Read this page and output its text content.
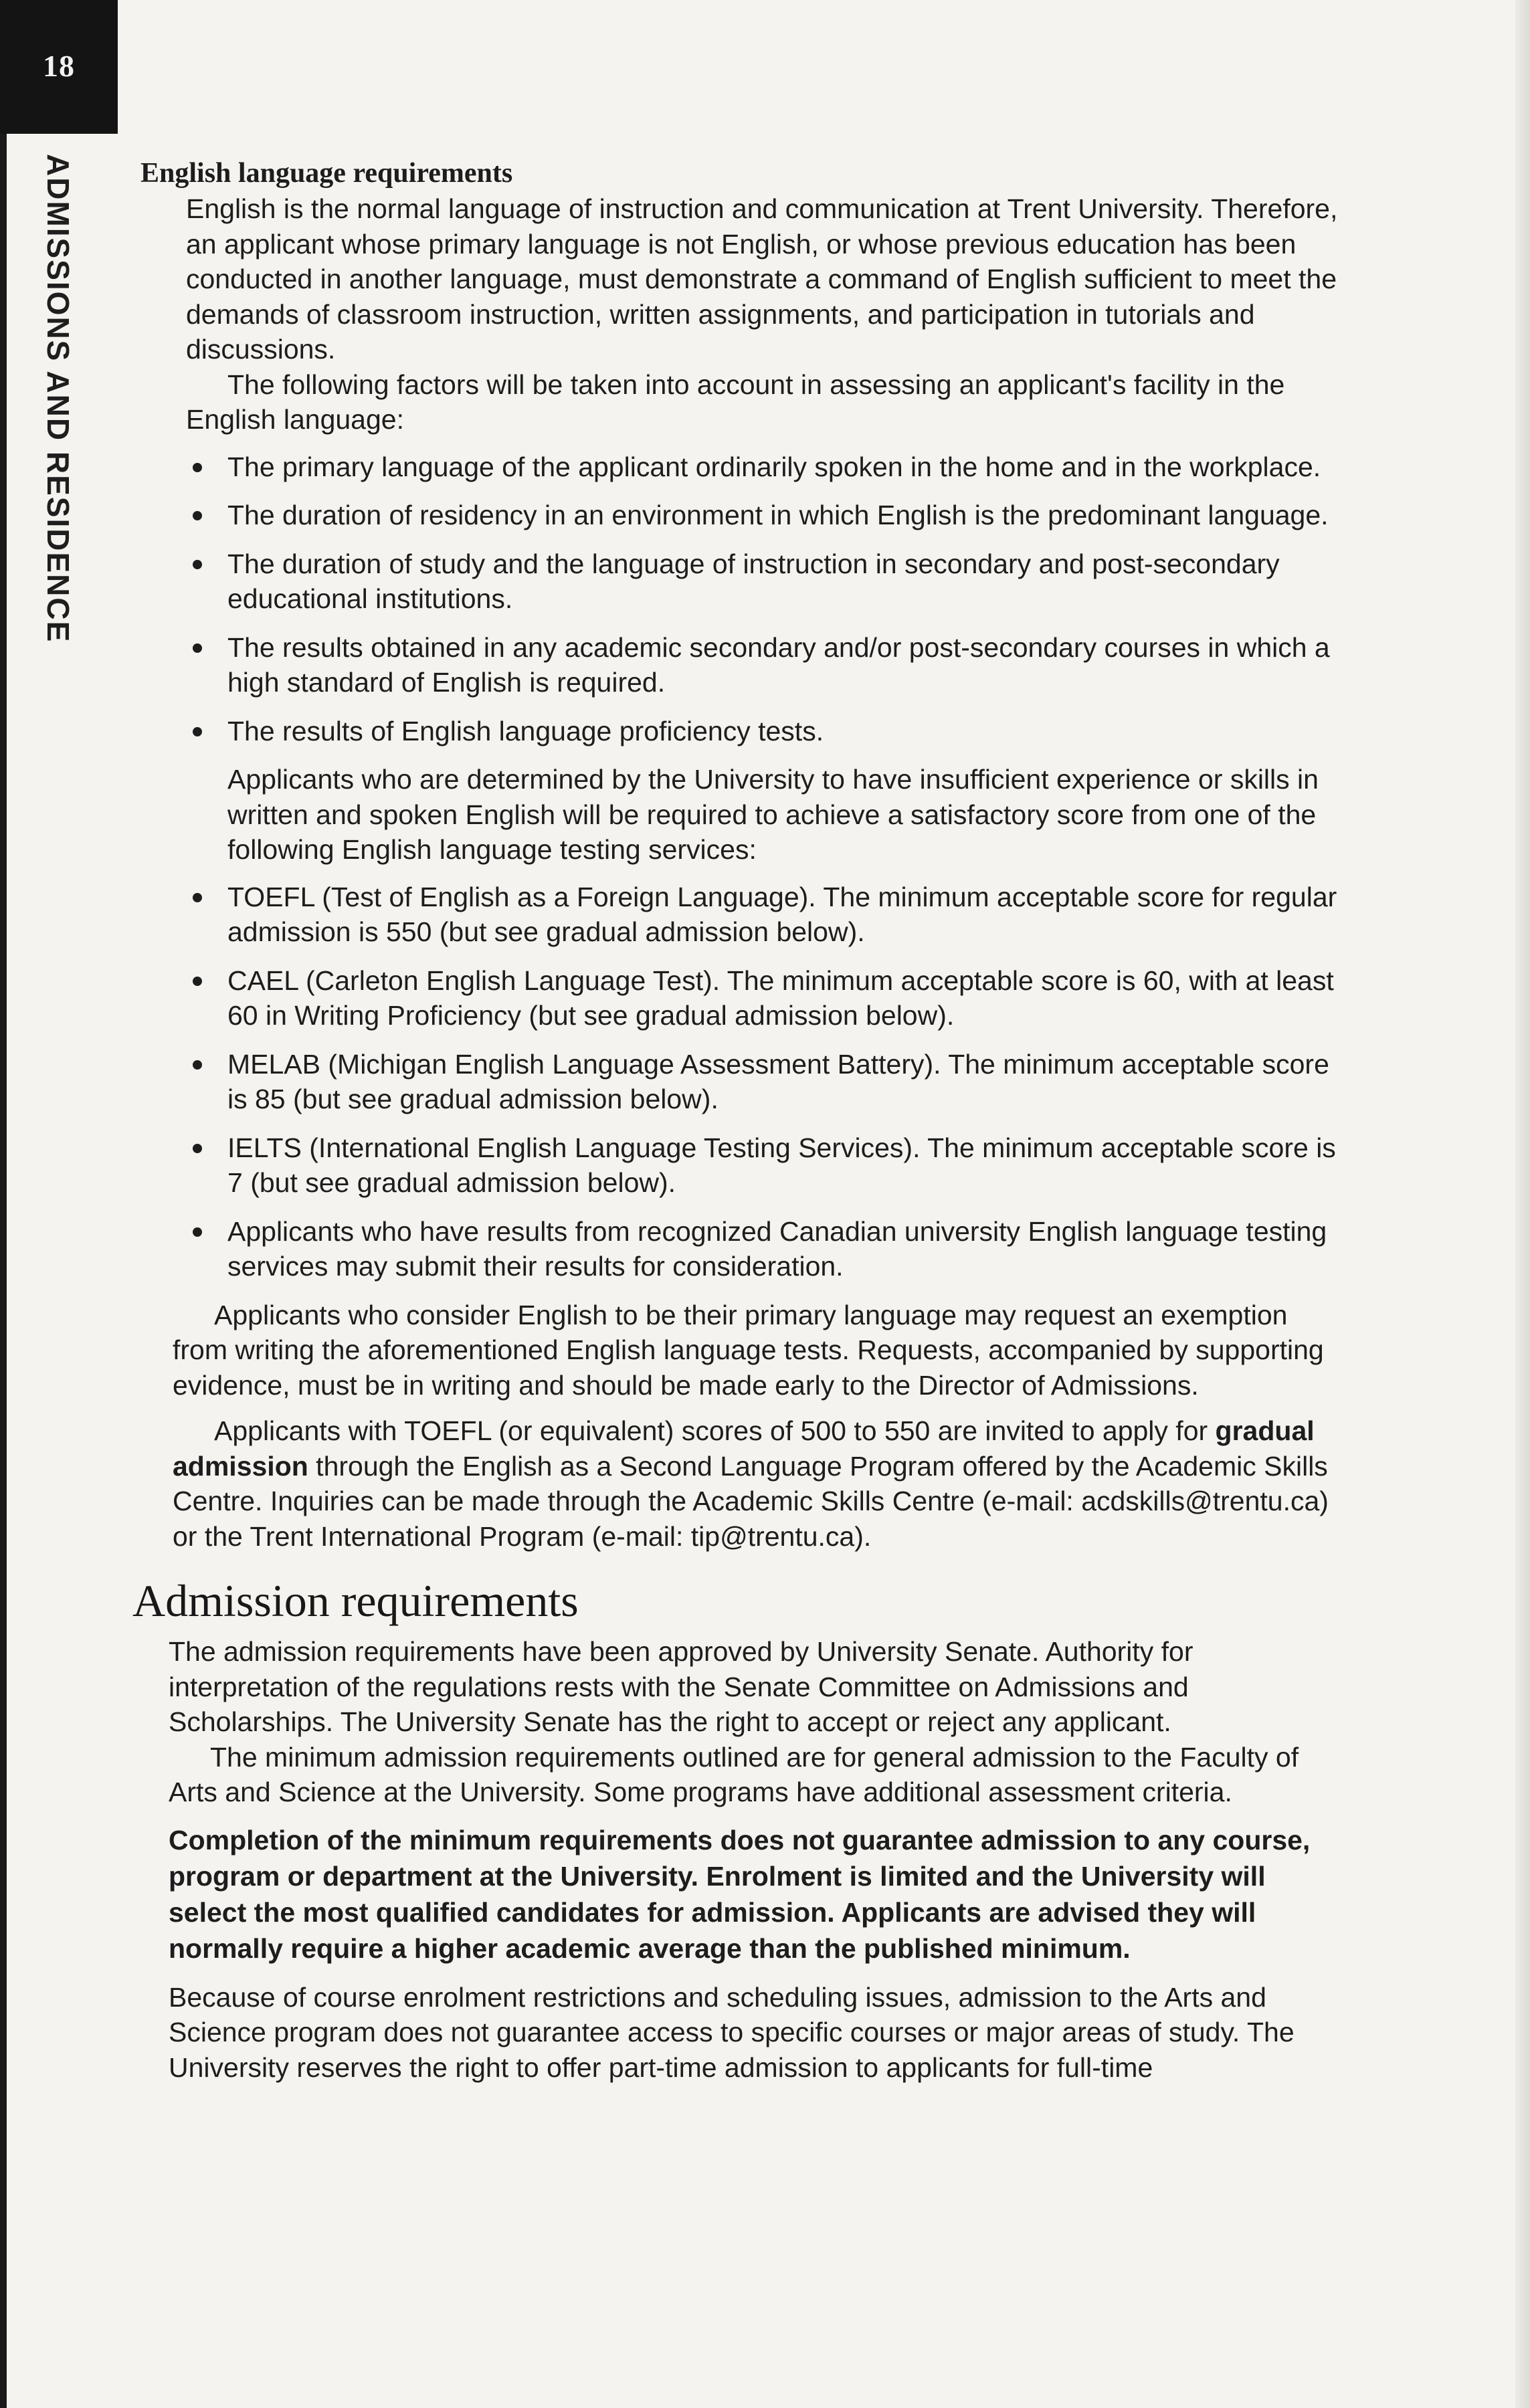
18
ADMISSIONS AND RESIDENCE English language requirements

English is the normal language of instruction and communication at Trent University. Therefore, an applicant whose primary language is not English, or whose previous education has been conducted in another language, must demonstrate a command of English sufficient to meet the demands of classroom instruction, written assignments, and participation in tutorials and discussions.

The following factors will be taken into account in assessing an applicant's facility in the English language:

The primary language of the applicant ordinarily spoken in the home and in the workplace.
The duration of residency in an environment in which English is the predominant language.
The duration of study and the language of instruction in secondary and post-secondary educational institutions.
The results obtained in any academic secondary and/or post-secondary courses in which a high standard of English is required.
The results of English language proficiency tests.

Applicants who are determined by the University to have insufficient experience or skills in written and spoken English will be required to achieve a satisfactory score from one of the following English language testing services:

TOEFL (Test of English as a Foreign Language). The minimum acceptable score for regular admission is 550 (but see gradual admission below).
CAEL (Carleton English Language Test). The minimum acceptable score is 60, with at least 60 in Writing Proficiency (but see gradual admission below).
MELAB (Michigan English Language Assessment Battery). The minimum acceptable score is 85 (but see gradual admission below).
IELTS (International English Language Testing Services). The minimum acceptable score is 7 (but see gradual admission below).
Applicants who have results from recognized Canadian university English language testing services may submit their results for consideration.

Applicants who consider English to be their primary language may request an exemption from writing the aforementioned English language tests. Requests, accompanied by supporting evidence, must be in writing and should be made early to the Director of Admissions.

Applicants with TOEFL (or equivalent) scores of 500 to 550 are invited to apply for gradual admission through the English as a Second Language Program offered by the Academic Skills Centre. Inquiries can be made through the Academic Skills Centre (e-mail: acdskills@trentu.ca) or the Trent International Program (e-mail: tip@trentu.ca).

Admission requirements

The admission requirements have been approved by University Senate. Authority for interpretation of the regulations rests with the Senate Committee on Admissions and Scholarships. The University Senate has the right to accept or reject any applicant.

The minimum admission requirements outlined are for general admission to the Faculty of Arts and Science at the University. Some programs have additional assessment criteria.

Completion of the minimum requirements does not guarantee admission to any course, program or department at the University. Enrolment is limited and the University will select the most qualified candidates for admission. Applicants are advised they will normally require a higher academic average than the published minimum.

Because of course enrolment restrictions and scheduling issues, admission to the Arts and Science program does not guarantee access to specific courses or major areas of study. The University reserves the right to offer part-time admission to applicants for full-time
